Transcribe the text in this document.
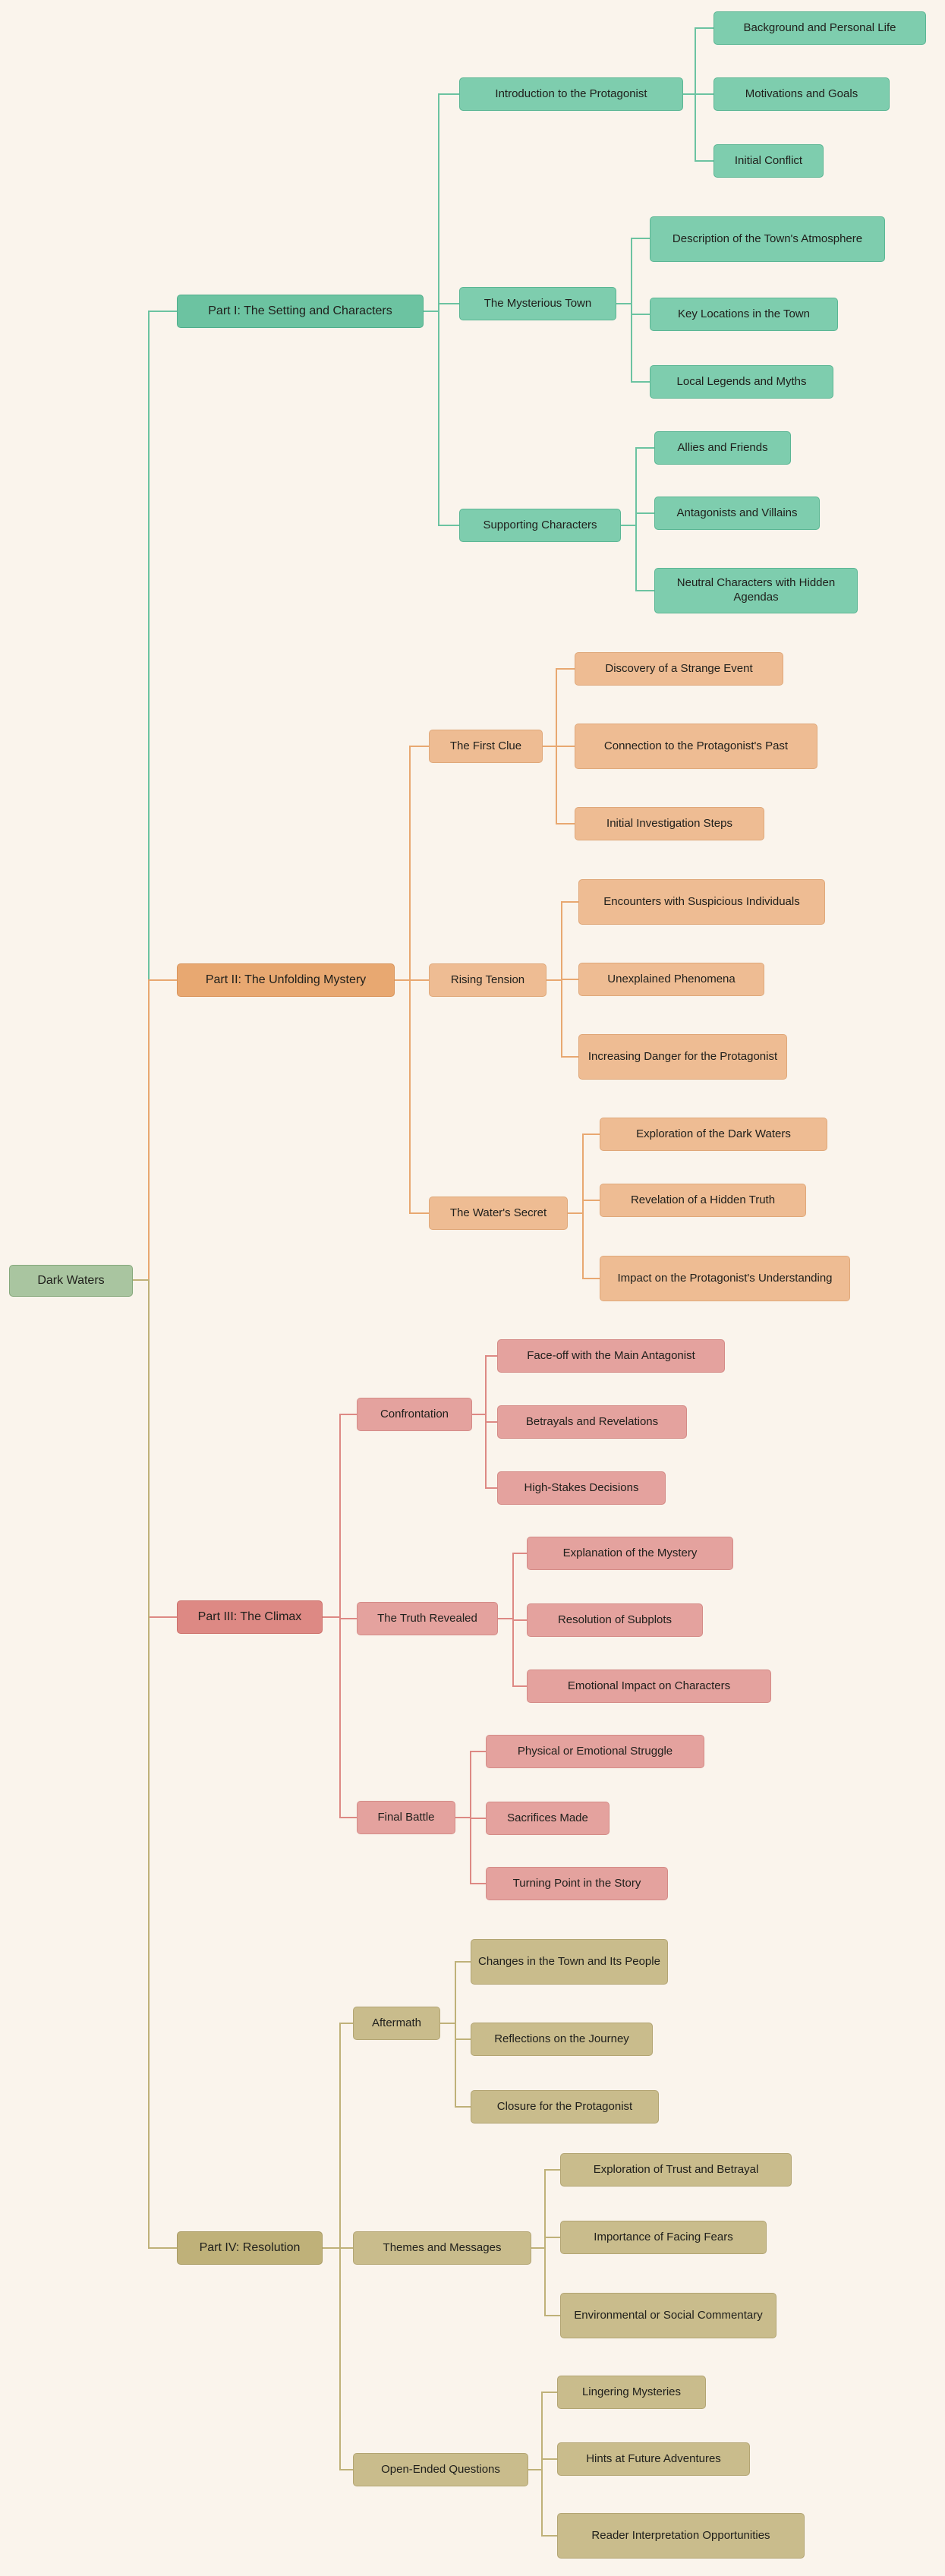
Dark Waters
Part I: The Setting and Characters
Introduction to the Protagonist
Background and Personal Life
Motivations and Goals
Initial Conflict
The Mysterious Town
Description of the Town's Atmosphere
Key Locations in the Town
Local Legends and Myths
Supporting Characters
Allies and Friends
Antagonists and Villains
Neutral Characters with Hidden Agendas
Part II: The Unfolding Mystery
The First Clue
Discovery of a Strange Event
Connection to the Protagonist's Past
Initial Investigation Steps
Rising Tension
Encounters with Suspicious Individuals
Unexplained Phenomena
Increasing Danger for the Protagonist
The Water's Secret
Exploration of the Dark Waters
Revelation of a Hidden Truth
Impact on the Protagonist's Understanding
Part III: The Climax
Confrontation
Face-off with the Main Antagonist
Betrayals and Revelations
High-Stakes Decisions
The Truth Revealed
Explanation of the Mystery
Resolution of Subplots
Emotional Impact on Characters
Final Battle
Physical or Emotional Struggle
Sacrifices Made
Turning Point in the Story
Part IV: Resolution
Aftermath
Changes in the Town and Its People
Reflections on the Journey
Closure for the Protagonist
Themes and Messages
Exploration of Trust and Betrayal
Importance of Facing Fears
Environmental or Social Commentary
Open-Ended Questions
Lingering Mysteries
Hints at Future Adventures
Reader Interpretation Opportunities
